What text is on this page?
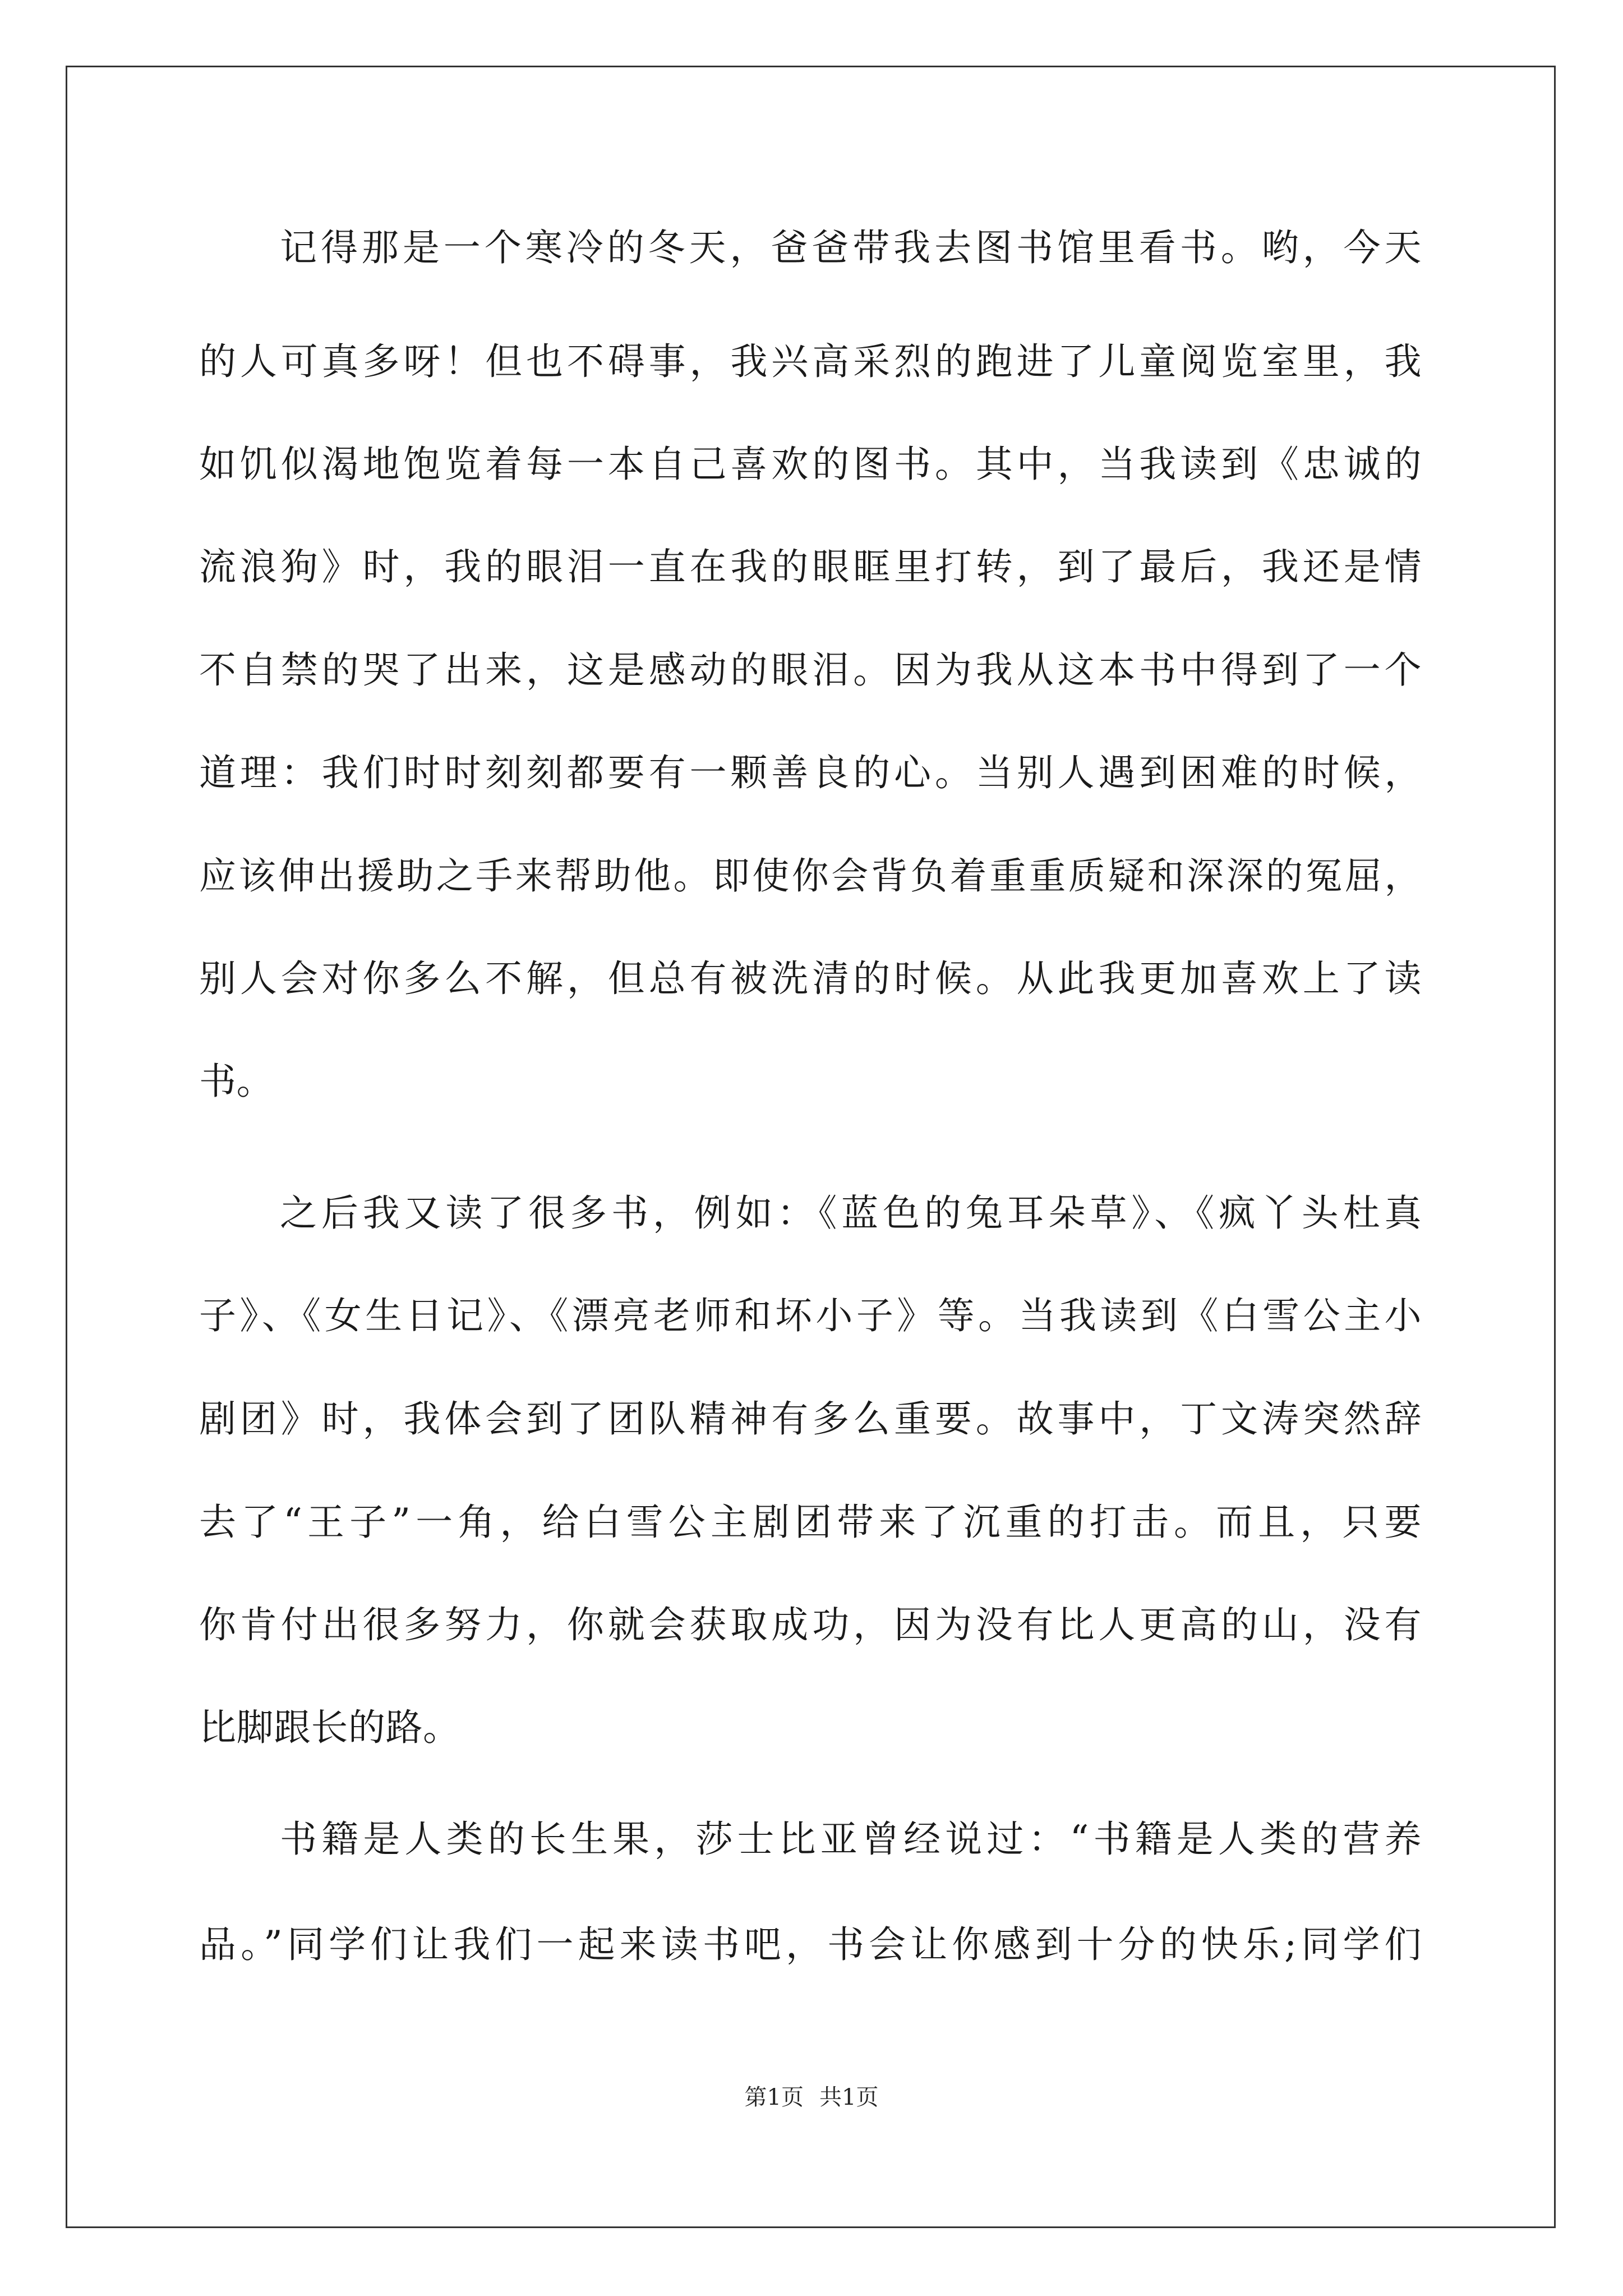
记得那是一个寒冷的冬天，爸爸带我去图书馆里看书。哟，今天
的人可真多呀！但也不碍事，我兴高采烈的跑进了儿童阅览室里，我
如饥似渴地饱览着每一本自己喜欢的图书。其中，当我读到《忠诚的
流浪狗》时，我的眼泪一直在我的眼眶里打转，到了最后，我还是情
不自禁的哭了出来，这是感动的眼泪。因为我从这本书中得到了一个
道理：我们时时刻刻都要有一颗善良的心。当别人遇到困难的时候，
应该伸出援助之手来帮助他。即使你会背负着重重质疑和深深的冤屈，
别人会对你多么不解，但总有被洗清的时候。从此我更加喜欢上了读
书。
之后我又读了很多书，例如：《蓝色的兔耳朵草》、《疯丫头杜真
子》、《女生日记》、《漂亮老师和坏小子》等。当我读到《白雪公主小
剧团》时，我体会到了团队精神有多么重要。故事中，丁文涛突然辞
去了“王子”一角，给白雪公主剧团带来了沉重的打击。而且，只要
你肯付出很多努力，你就会获取成功，因为没有比人更高的山，没有
比脚跟长的路。
书籍是人类的长生果，莎士比亚曾经说过：“书籍是人类的营养
品。”同学们让我们一起来读书吧，书会让你感到十分的快乐;同学们
第1页 共1页
